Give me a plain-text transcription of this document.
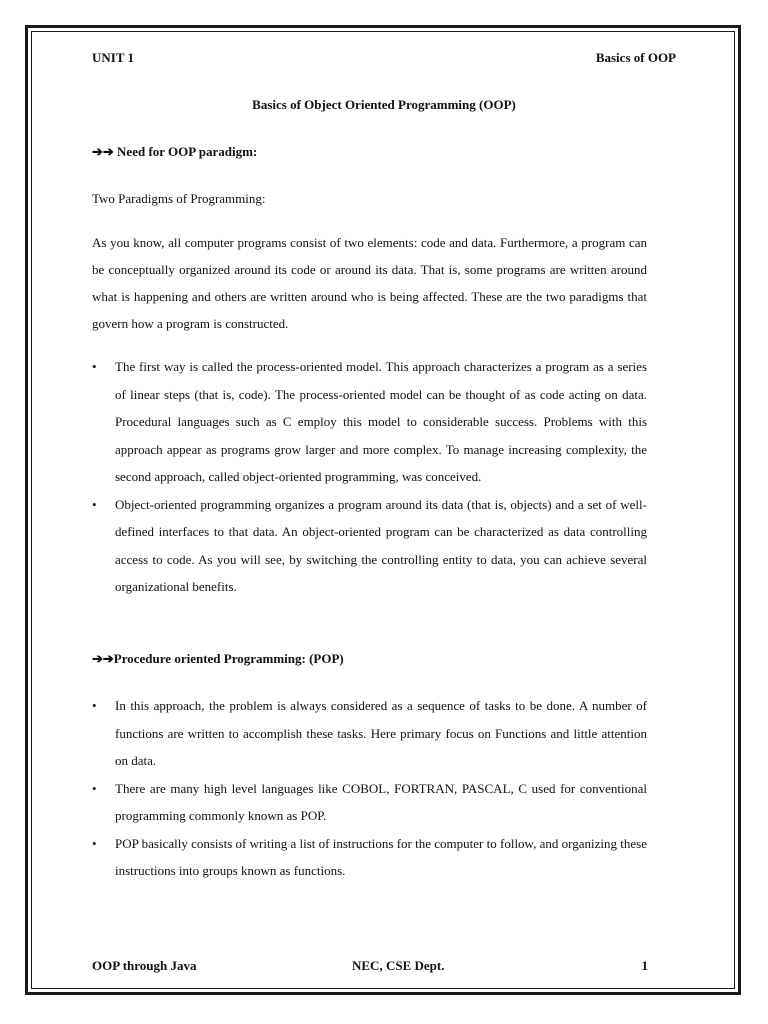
UNIT 1	Basics of OOP
Basics of Object Oriented Programming (OOP)
➔➔ Need for OOP paradigm:
Two Paradigms of Programming:

As you know, all computer programs consist of two elements: code and data. Furthermore, a program can be conceptually organized around its code or around its data. That is, some programs are written around what is happening and others are written around who is being affected. These are the two paradigms that govern how a program is constructed.

• The first way is called the process-oriented model. This approach characterizes a program as a series of linear steps (that is, code). The process-oriented model can be thought of as code acting on data. Procedural languages such as C employ this model to considerable success. Problems with this approach appear as programs grow larger and more complex. To manage increasing complexity, the second approach, called object-oriented programming, was conceived.
• Object-oriented programming organizes a program around its data (that is, objects) and a set of well-defined interfaces to that data. An object-oriented program can be characterized as data controlling access to code. As you will see, by switching the controlling entity to data, you can achieve several organizational benefits.
➔➔Procedure oriented Programming: (POP)
• In this approach, the problem is always considered as a sequence of tasks to be done. A number of functions are written to accomplish these tasks. Here primary focus on Functions and little attention on data.
• There are many high level languages like COBOL, FORTRAN, PASCAL, C used for conventional programming commonly known as POP.
• POP basically consists of writing a list of instructions for the computer to follow, and organizing these instructions into groups known as functions.
OOP through Java	NEC, CSE Dept.	1
